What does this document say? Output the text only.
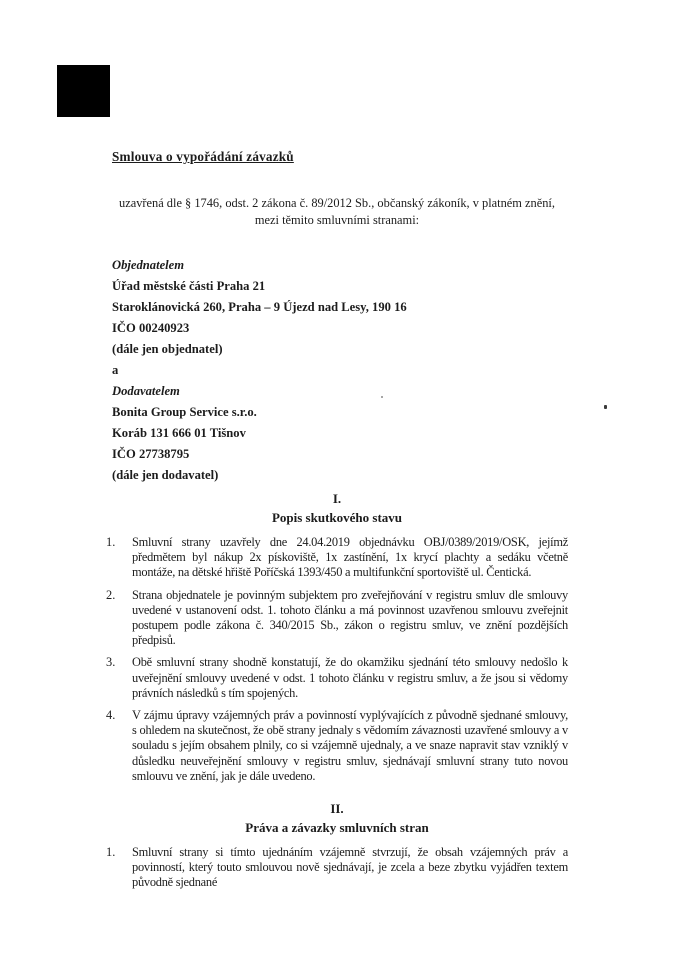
Smlouva o vypořádání závazků

uzavřená dle § 1746, odst. 2 zákona č. 89/2012 Sb., občanský zákoník, v platném znění, mezi těmito smluvními stranami:

Objednatelem

Úřad městské části Praha 21

Staroklánovická 260, Praha – 9 Újezd nad Lesy, 190 16

IČO 00240923

(dále jen objednatel)

a

Dodavatelem

Bonita Group Service s.r.o.

Koráb 131 666 01 Tišnov

IČO 27738795

(dále jen dodavatel)

I.

Popis skutkového stavu

1.	Smluvní strany uzavřely dne 24.04.2019 objednávku OBJ/0389/2019/OSK, jejímž předmětem byl nákup 2x pískoviště, 1x zastínění, 1x krycí plachty a sedáku včetně montáže, na dětské hřiště Poříčská 1393/450 a multifunkční sportoviště ul. Čentická.

2.	Strana objednatele je povinným subjektem pro zveřejňování v registru smluv dle smlouvy uvedené v ustanovení odst. 1. tohoto článku a má povinnost uzavřenou smlouvu zveřejnit postupem podle zákona č. 340/2015 Sb., zákon o registru smluv, ve znění pozdějších předpisů.

3.	Obě smluvní strany shodně konstatují, že do okamžiku sjednání této smlouvy nedošlo k uveřejnění smlouvy uvedené v odst. 1 tohoto článku v registru smluv, a že jsou si vědomy právních následků s tím spojených.

4.	V zájmu úpravy vzájemných práv a povinností vyplývajících z původně sjednané smlouvy, s ohledem na skutečnost, že obě strany jednaly s vědomím závaznosti uzavřené smlouvy a v souladu s jejím obsahem plnily, co si vzájemně ujednaly, a ve snaze napravit stav vzniklý v důsledku neuveřejnění smlouvy v registru smluv, sjednávají smluvní strany tuto novou smlouvu ve znění, jak je dále uvedeno.

II.

Práva a závazky smluvních stran

1.	Smluvní strany si tímto ujednáním vzájemně stvrzují, že obsah vzájemných práv a povinností, který touto smlouvou nově sjednávají, je zcela a beze zbytku vyjádřen textem původně sjednané
